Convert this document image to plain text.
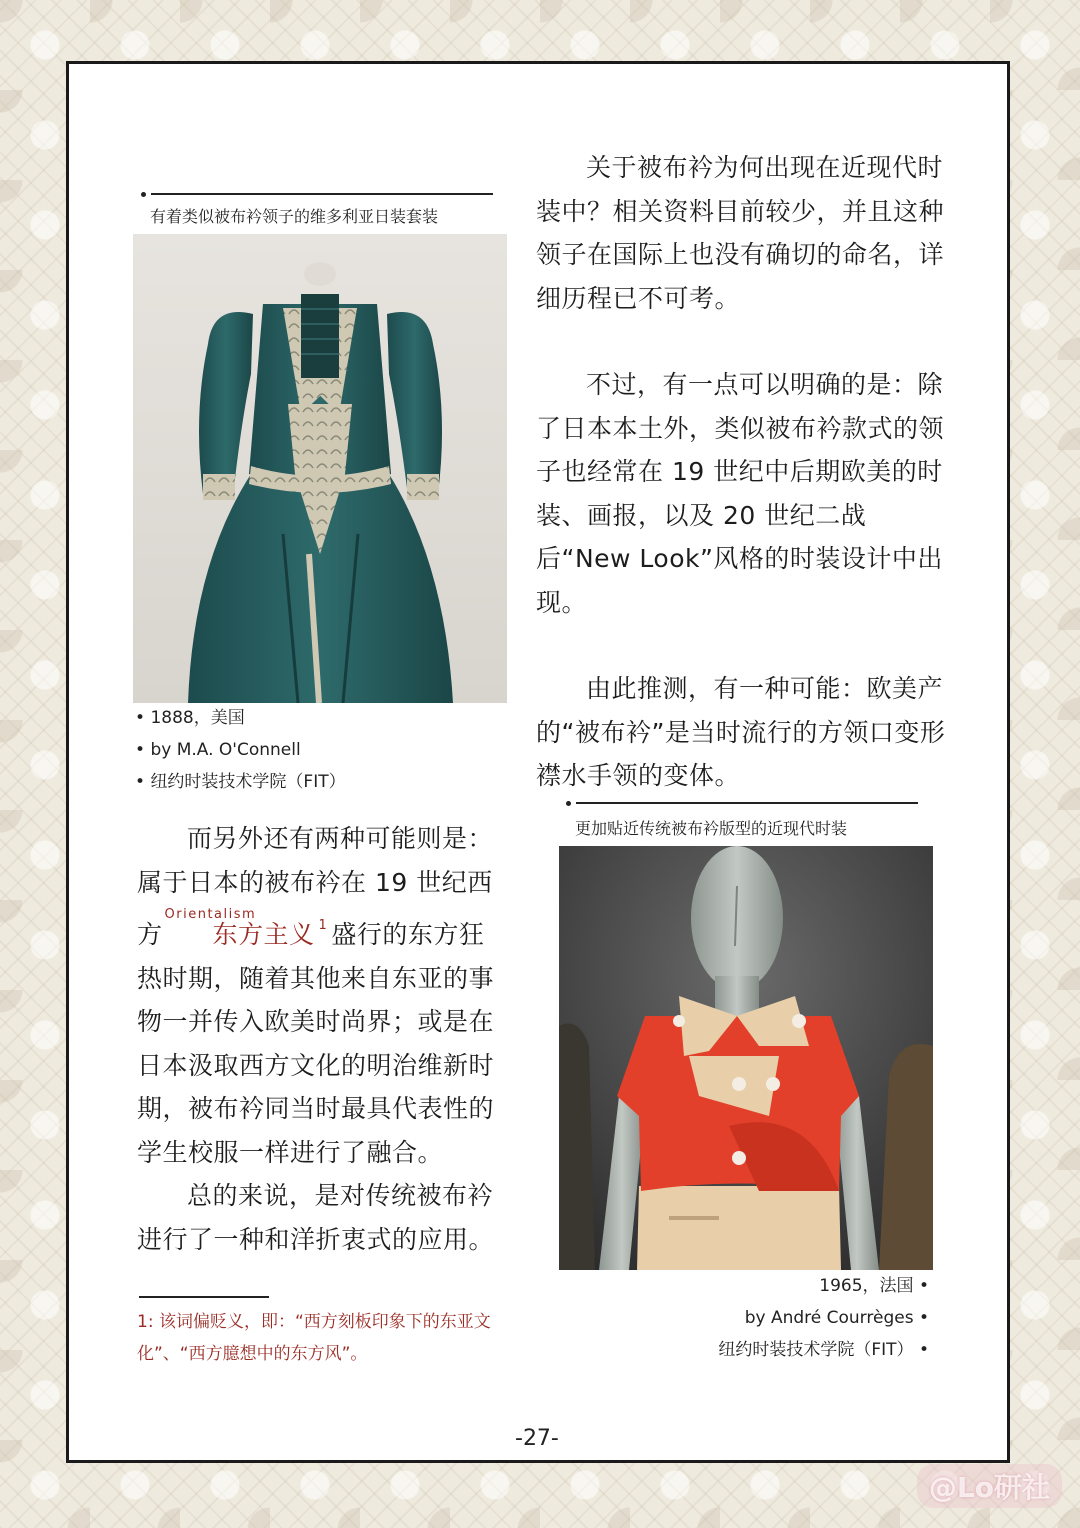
有着类似被布衿领子的维多利亚日装套装
• 1888，美国
• by M.A. O'Connell
• 纽约时装技术学院（FIT）

关于被布衿为何出现在近现代时装中？相关资料目前较少，并且这种领子在国际上也没有确切的命名，详细历程已不可考。

不过，有一点可以明确的是：除了日本本土外，类似被布衿款式的领子也经常在 19 世纪中后期欧美的时装、画报，以及 20 世纪二战后“New Look”风格的时装设计中出现。

由此推测，有一种可能：欧美产的“被布衿”是当时流行的方领口变形襟水手领的变体。

而另外还有两种可能则是：属于日本的被布衿在 19 世纪西方
Orientalism
东方主义 $^1$ 盛行的东方狂热时期，随着其他来自东亚的事物一并传入欧美时尚界；或是在日本汲取西方文化的明治维新时期，被布衿同当时最具代表性的学生校服一样进行了融合。

总的来说，是对传统被布衿进行了一种和洋折衷式的应用。

1: 该词偏贬义，即：“西方刻板印象下的东亚文化”、“西方臆想中的东方风”。
更加贴近传统被布衿版型的近现代时装
1965，法国 •
by André Courrèges •
纽约时装技术学院（FIT） •
-27-
@Lo研社
